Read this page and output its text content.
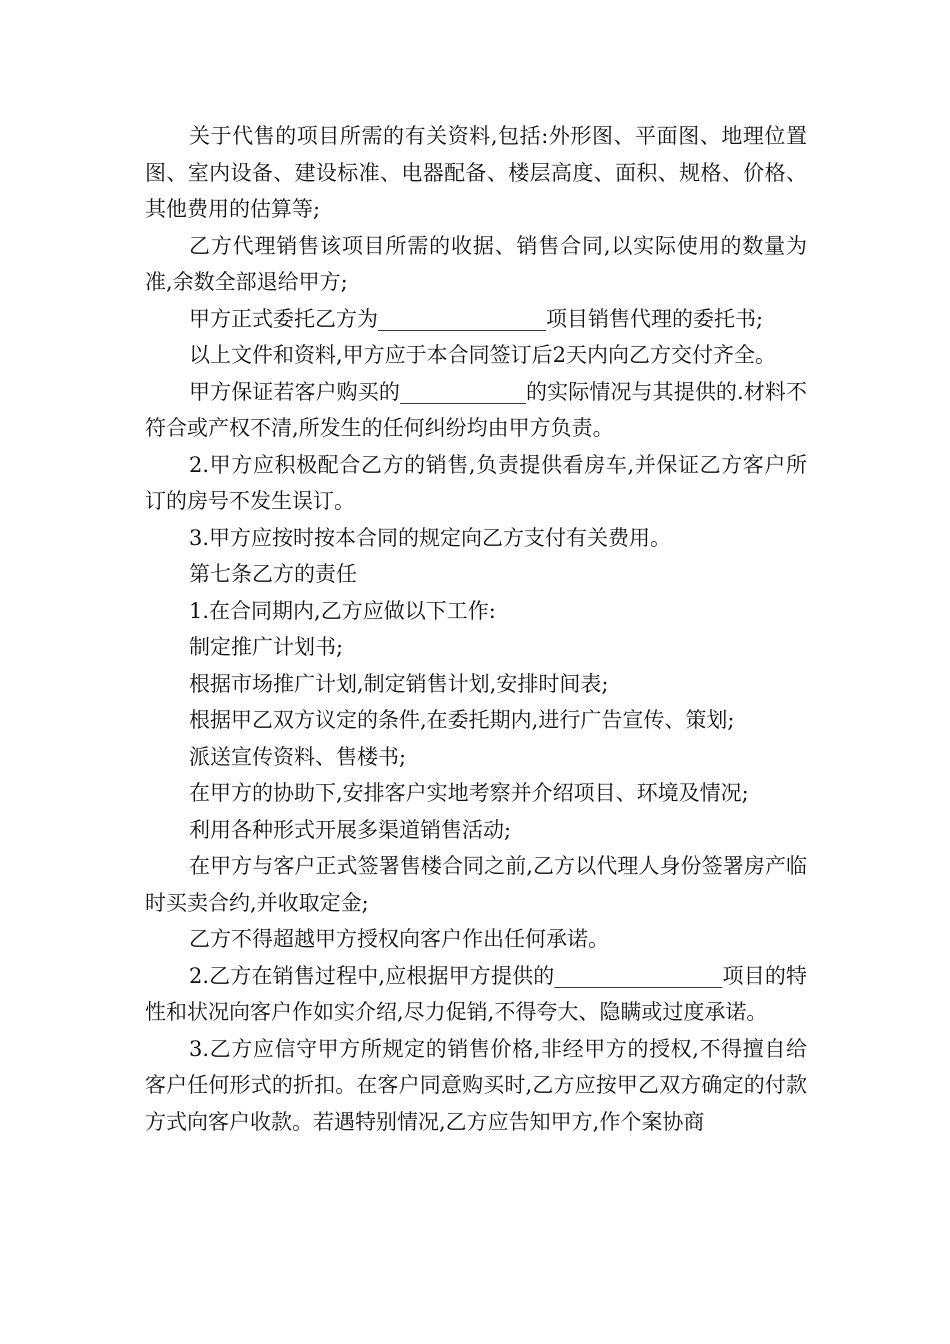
关于代售的项目所需的有关资料,包括:外形图、平面图、地理位置图、室内设备、建设标准、电器配备、楼层高度、面积、规格、价格、其他费用的估算等;

乙方代理销售该项目所需的收据、销售合同,以实际使用的数量为准,余数全部退给甲方;

甲方正式委托乙方为________________项目销售代理的委托书;

以上文件和资料,甲方应于本合同签订后2天内向乙方交付齐全。

甲方保证若客户购买的____________的实际情况与其提供的.材料不符合或产权不清,所发生的任何纠纷均由甲方负责。

2.甲方应积极配合乙方的销售,负责提供看房车,并保证乙方客户所订的房号不发生误订。

3.甲方应按时按本合同的规定向乙方支付有关费用。

第七条乙方的责任

1.在合同期内,乙方应做以下工作:

制定推广计划书;

根据市场推广计划,制定销售计划,安排时间表;

根据甲乙双方议定的条件,在委托期内,进行广告宣传、策划;

派送宣传资料、售楼书;

在甲方的协助下,安排客户实地考察并介绍项目、环境及情况;

利用各种形式开展多渠道销售活动;

在甲方与客户正式签署售楼合同之前,乙方以代理人身份签署房产临时买卖合约,并收取定金;

乙方不得超越甲方授权向客户作出任何承诺。

2.乙方在销售过程中,应根据甲方提供的________________项目的特性和状况向客户作如实介绍,尽力促销,不得夸大、隐瞒或过度承诺。

3.乙方应信守甲方所规定的销售价格,非经甲方的授权,不得擅自给客户任何形式的折扣。在客户同意购买时,乙方应按甲乙双方确定的付款方式向客户收款。若遇特别情况,乙方应告知甲方,作个案协商
